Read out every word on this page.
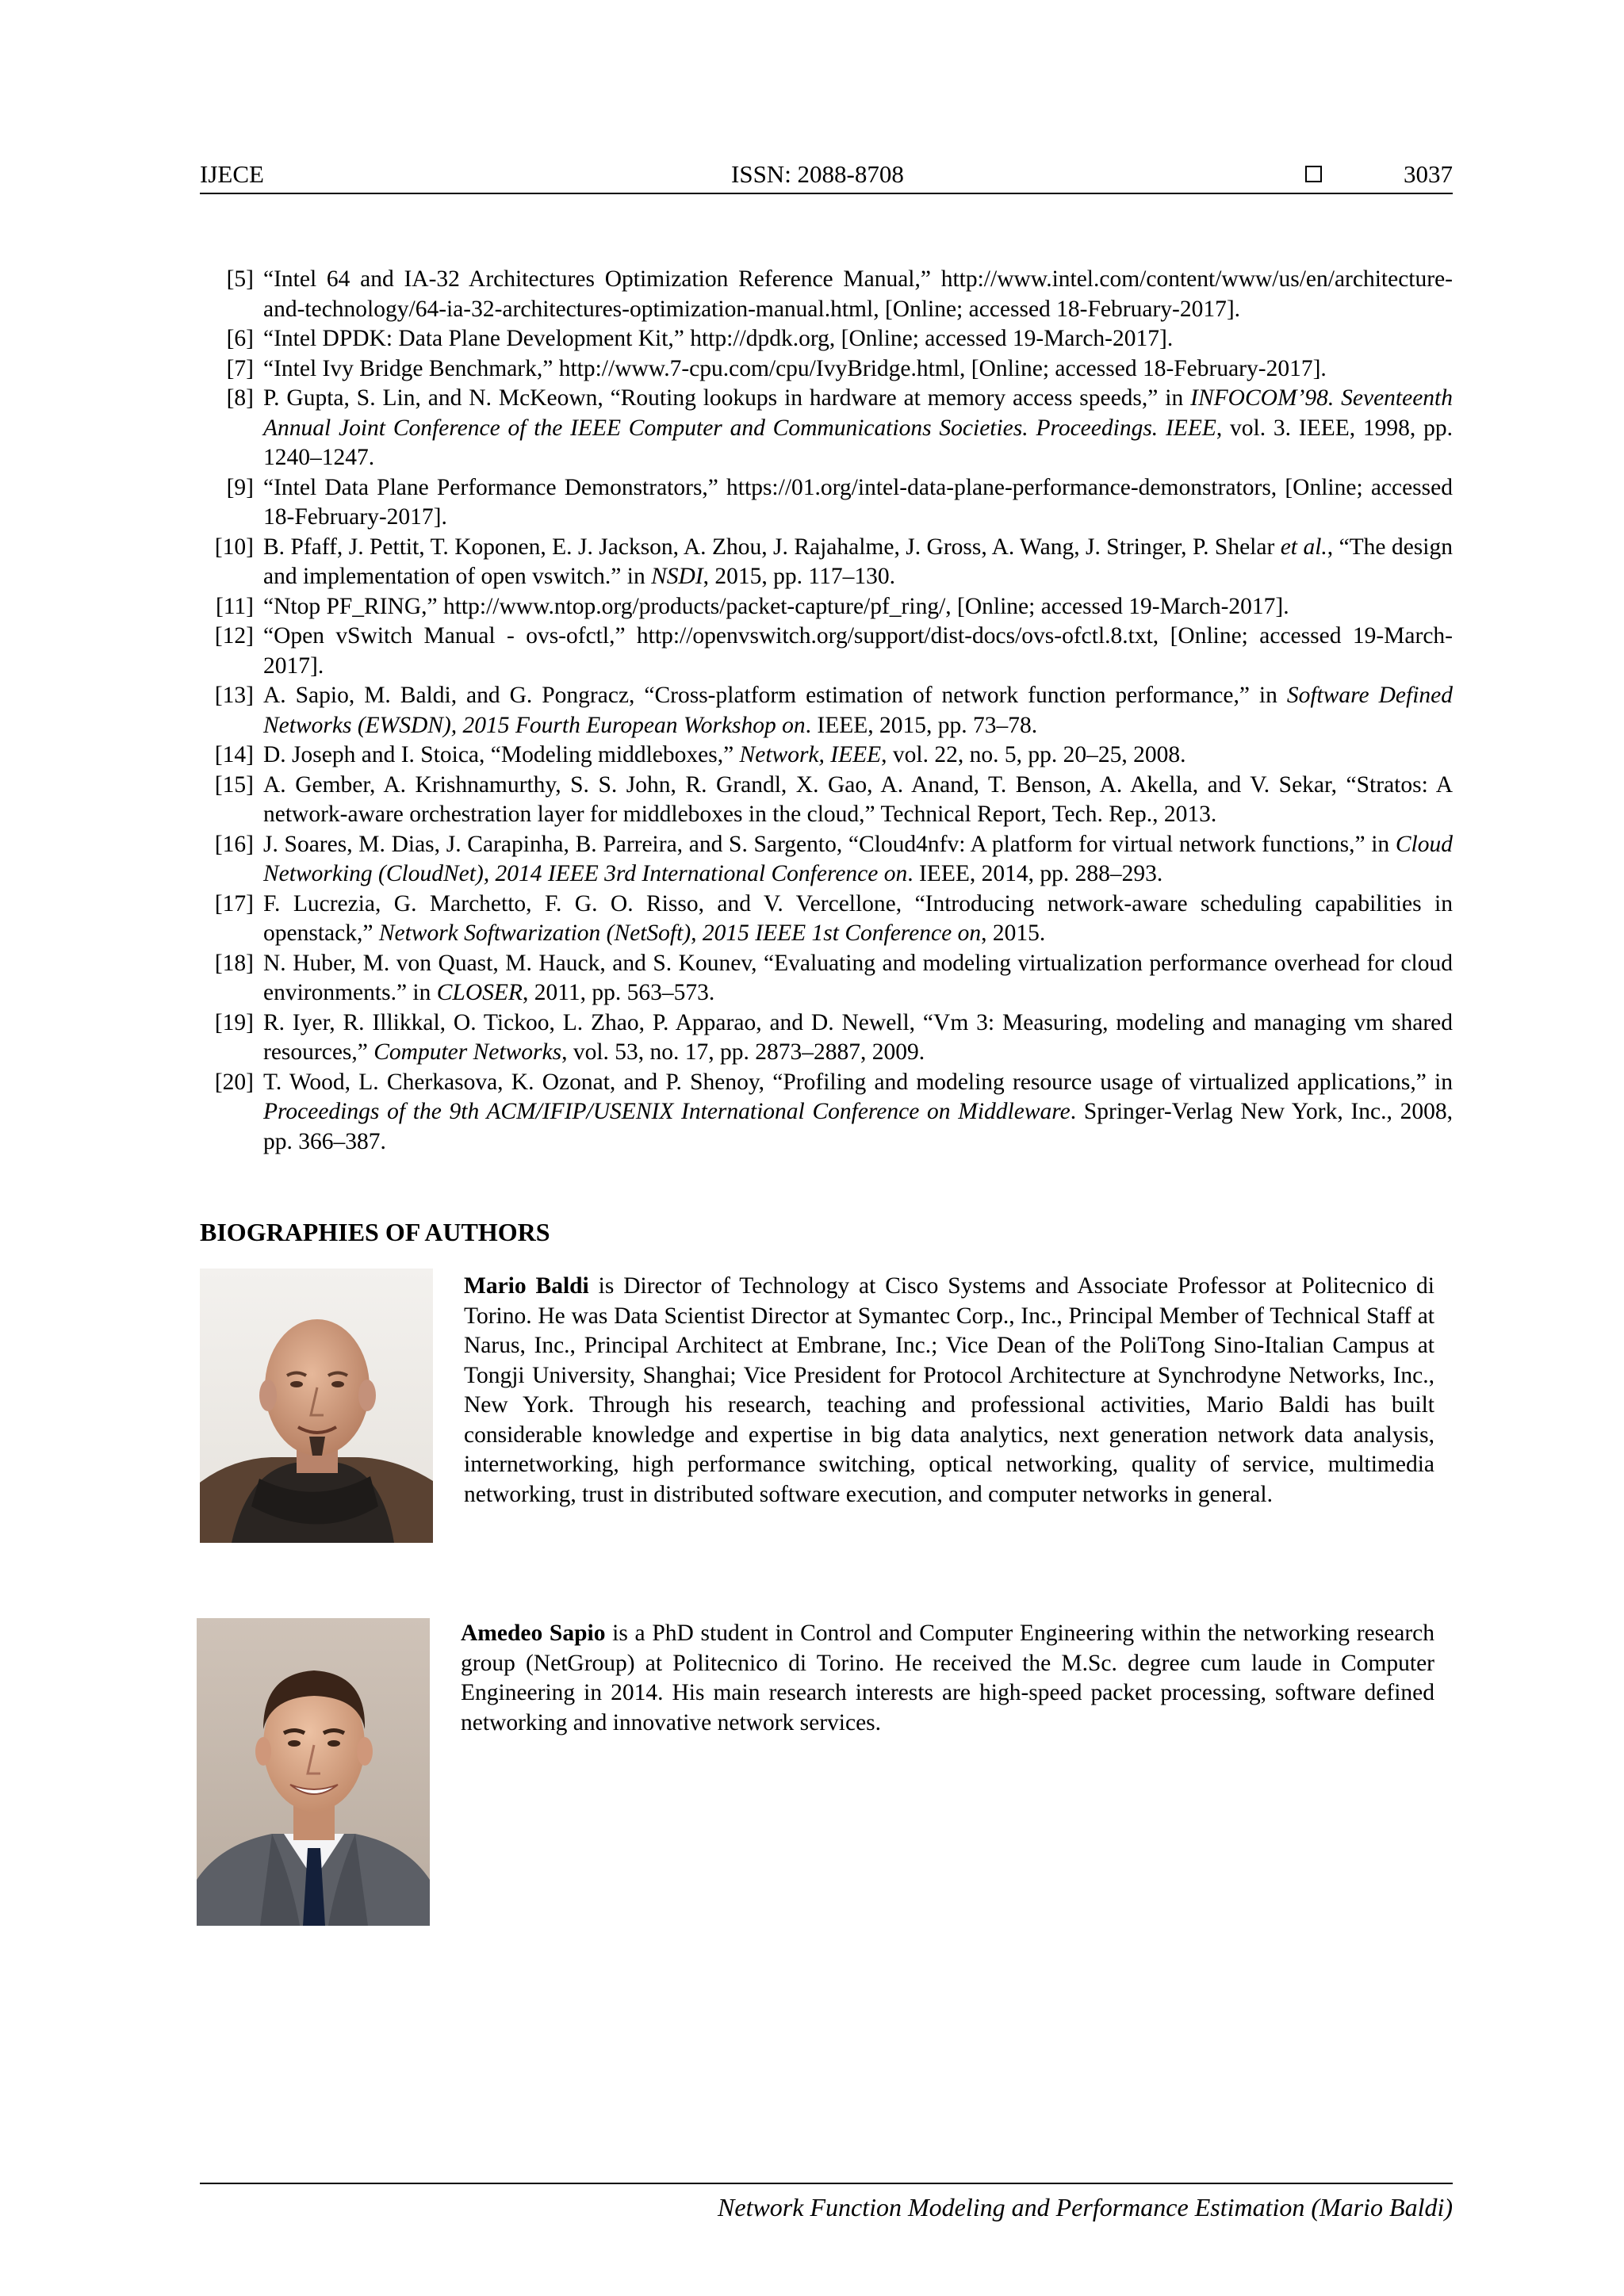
IJECE	ISSN: 2088-8708	3037
[5] “Intel 64 and IA-32 Architectures Optimization Reference Manual,” http://www.intel.com/content/www/us/en/architecture-and-technology/64-ia-32-architectures-optimization-manual.html, [Online; accessed 18-February-2017].
[6] “Intel DPDK: Data Plane Development Kit,” http://dpdk.org, [Online; accessed 19-March-2017].
[7] “Intel Ivy Bridge Benchmark,” http://www.7-cpu.com/cpu/IvyBridge.html, [Online; accessed 18-February-2017].
[8] P. Gupta, S. Lin, and N. McKeown, “Routing lookups in hardware at memory access speeds,” in INFOCOM’98. Seventeenth Annual Joint Conference of the IEEE Computer and Communications Societies. Proceedings. IEEE, vol. 3. IEEE, 1998, pp. 1240–1247.
[9] “Intel Data Plane Performance Demonstrators,” https://01.org/intel-data-plane-performance-demonstrators, [Online; accessed 18-February-2017].
[10] B. Pfaff, J. Pettit, T. Koponen, E. J. Jackson, A. Zhou, J. Rajahalme, J. Gross, A. Wang, J. Stringer, P. Shelar et al., “The design and implementation of open vswitch.” in NSDI, 2015, pp. 117–130.
[11] “Ntop PF_RING,” http://www.ntop.org/products/packet-capture/pf_ring/, [Online; accessed 19-March-2017].
[12] “Open vSwitch Manual - ovs-ofctl,” http://openvswitch.org/support/dist-docs/ovs-ofctl.8.txt, [Online; accessed 19-March-2017].
[13] A. Sapio, M. Baldi, and G. Pongracz, “Cross-platform estimation of network function performance,” in Software Defined Networks (EWSDN), 2015 Fourth European Workshop on. IEEE, 2015, pp. 73–78.
[14] D. Joseph and I. Stoica, “Modeling middleboxes,” Network, IEEE, vol. 22, no. 5, pp. 20–25, 2008.
[15] A. Gember, A. Krishnamurthy, S. S. John, R. Grandl, X. Gao, A. Anand, T. Benson, A. Akella, and V. Sekar, “Stratos: A network-aware orchestration layer for middleboxes in the cloud,” Technical Report, Tech. Rep., 2013.
[16] J. Soares, M. Dias, J. Carapinha, B. Parreira, and S. Sargento, “Cloud4nfv: A platform for virtual network functions,” in Cloud Networking (CloudNet), 2014 IEEE 3rd International Conference on. IEEE, 2014, pp. 288–293.
[17] F. Lucrezia, G. Marchetto, F. G. O. Risso, and V. Vercellone, “Introducing network-aware scheduling capabilities in openstack,” Network Softwarization (NetSoft), 2015 IEEE 1st Conference on, 2015.
[18] N. Huber, M. von Quast, M. Hauck, and S. Kounev, “Evaluating and modeling virtualization performance overhead for cloud environments.” in CLOSER, 2011, pp. 563–573.
[19] R. Iyer, R. Illikkal, O. Tickoo, L. Zhao, P. Apparao, and D. Newell, “Vm 3: Measuring, modeling and managing vm shared resources,” Computer Networks, vol. 53, no. 17, pp. 2873–2887, 2009.
[20] T. Wood, L. Cherkasova, K. Ozonat, and P. Shenoy, “Profiling and modeling resource usage of virtualized applications,” in Proceedings of the 9th ACM/IFIP/USENIX International Conference on Middleware. Springer-Verlag New York, Inc., 2008, pp. 366–387.
BIOGRAPHIES OF AUTHORS
Mario Baldi is Director of Technology at Cisco Systems and Associate Professor at Politecnico di Torino. He was Data Scientist Director at Symantec Corp., Inc., Principal Member of Technical Staff at Narus, Inc., Principal Architect at Embrane, Inc.; Vice Dean of the PoliTong Sino-Italian Campus at Tongji University, Shanghai; Vice President for Protocol Architecture at Synchrodyne Networks, Inc., New York. Through his research, teaching and professional activities, Mario Baldi has built considerable knowledge and expertise in big data analytics, next generation network data analysis, internetworking, high performance switching, optical networking, quality of service, multimedia networking, trust in distributed software execution, and computer networks in general.
Amedeo Sapio is a PhD student in Control and Computer Engineering within the networking research group (NetGroup) at Politecnico di Torino. He received the M.Sc. degree cum laude in Computer Engineering in 2014. His main research interests are high-speed packet processing, software defined networking and innovative network services.
Network Function Modeling and Performance Estimation (Mario Baldi)
